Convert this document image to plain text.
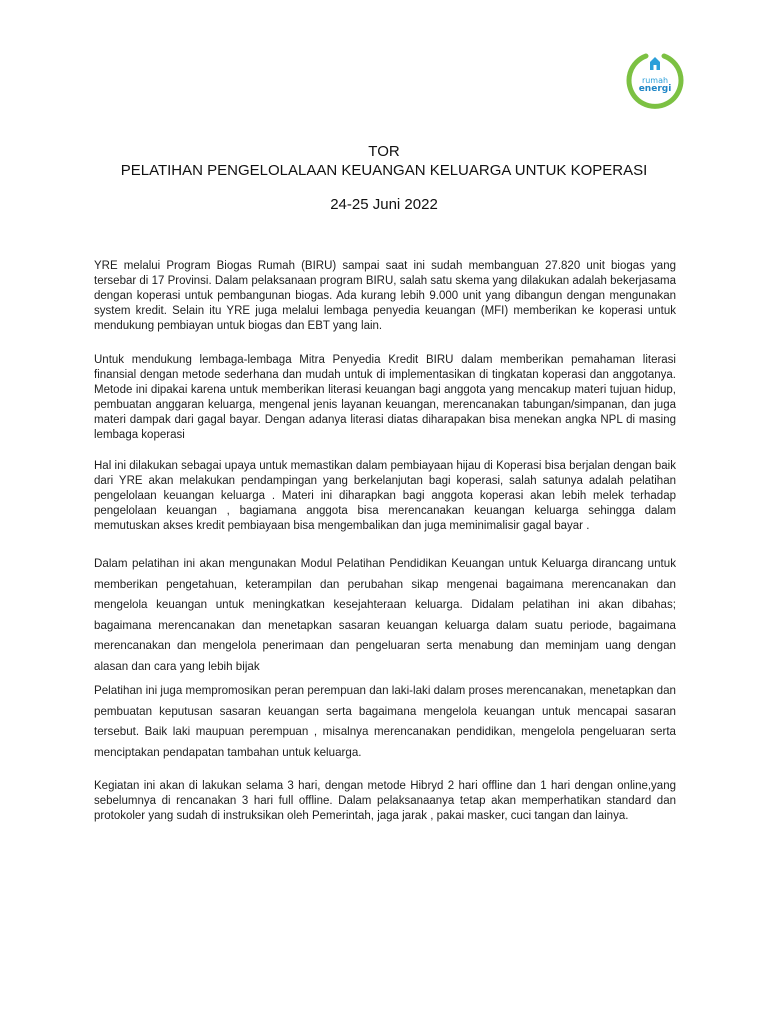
rumah
energi
TOR
PELATIHAN PENGELOLALAAN KEUANGAN KELUARGA UNTUK KOPERASI
24-25 Juni 2022

YRE melalui Program Biogas Rumah (BIRU) sampai saat ini sudah membanguan 27.820 unit biogas yang tersebar di 17 Provinsi. Dalam pelaksanaan program BIRU, salah satu skema yang dilakukan adalah bekerjasama dengan koperasi untuk pembangunan biogas. Ada kurang lebih 9.000 unit yang dibangun dengan mengunakan system kredit. Selain itu YRE juga melalui lembaga penyedia keuangan (MFI) memberikan ke koperasi untuk mendukung pembiayan untuk biogas dan EBT yang lain.

Untuk mendukung lembaga-lembaga Mitra Penyedia Kredit BIRU dalam memberikan pemahaman literasi finansial dengan metode sederhana dan mudah untuk di implementasikan di tingkatan koperasi dan anggotanya. Metode ini dipakai karena untuk memberikan literasi keuangan bagi anggota yang mencakup materi tujuan hidup, pembuatan anggaran keluarga, mengenal jenis layanan keuangan, merencanakan tabungan/simpanan, dan juga materi dampak dari gagal bayar. Dengan adanya literasi diatas diharapakan bisa menekan angka NPL di masing lembaga koperasi

Hal ini dilakukan sebagai upaya untuk memastikan dalam pembiayaan hijau di Koperasi bisa berjalan dengan baik dari YRE akan melakukan pendampingan yang berkelanjutan bagi koperasi, salah satunya adalah pelatihan pengelolaan keuangan keluarga . Materi ini diharapkan bagi anggota koperasi akan lebih melek terhadap pengelolaan keuangan , bagiamana anggota bisa merencanakan keuangan keluarga sehingga dalam memutuskan akses kredit pembiayaan bisa mengembalikan dan juga meminimalisir gagal bayar .

Dalam pelatihan ini akan mengunakan Modul Pelatihan Pendidikan Keuangan untuk Keluarga dirancang untuk memberikan pengetahuan, keterampilan dan perubahan sikap mengenai bagaimana merencanakan dan mengelola keuangan untuk meningkatkan kesejahteraan keluarga. Didalam pelatihan ini akan dibahas; bagaimana merencanakan dan menetapkan sasaran keuangan keluarga dalam suatu periode, bagaimana merencanakan dan mengelola penerimaan dan pengeluaran serta menabung dan meminjam uang dengan alasan dan cara yang lebih bijak

Pelatihan ini juga mempromosikan peran perempuan dan laki-laki dalam proses merencanakan, menetapkan dan pembuatan keputusan sasaran keuangan serta bagaimana mengelola keuangan untuk mencapai sasaran tersebut. Baik laki maupuan perempuan , misalnya merencanakan pendidikan, mengelola pengeluaran serta menciptakan pendapatan tambahan untuk keluarga.

Kegiatan ini akan di lakukan selama 3 hari, dengan metode Hibryd 2 hari offline dan 1 hari dengan online,yang sebelumnya di rencanakan 3 hari full offline. Dalam pelaksanaanya tetap akan memperhatikan standard dan protokoler yang sudah di instruksikan oleh Pemerintah, jaga jarak , pakai masker, cuci tangan dan lainya.
